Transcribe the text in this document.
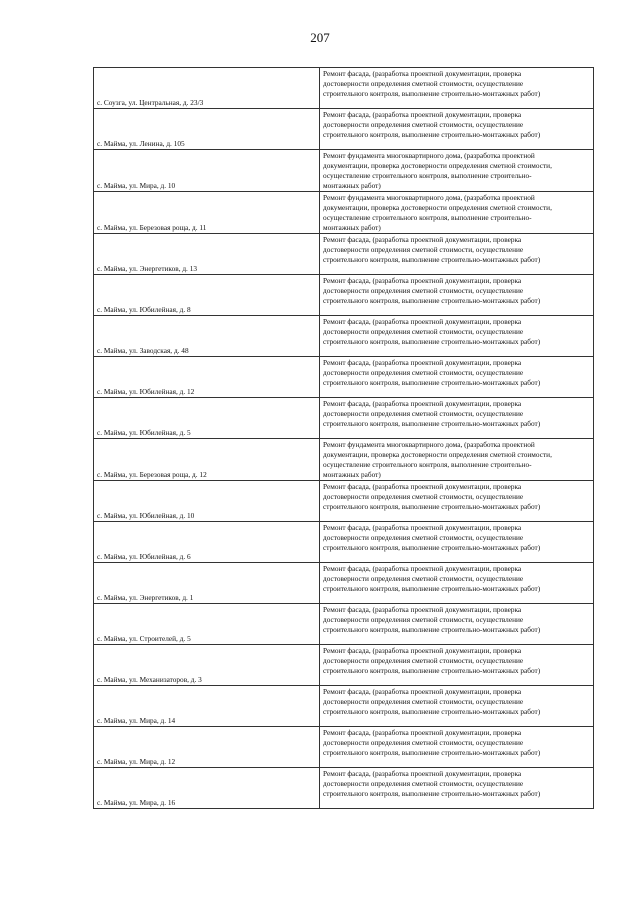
207
с. Соузга, ул. Центральная, д. 23/3	Ремонт фасада, (разработка проектной документации, проверка
достоверности определения сметной стоимости, осуществление
строительного контроля, выполнение строительно-монтажных работ)

с. Майма, ул. Ленина, д. 105	Ремонт фасада, (разработка проектной документации, проверка
достоверности определения сметной стоимости, осуществление
строительного контроля, выполнение строительно-монтажных работ)

с. Майма, ул. Мира, д. 10	Ремонт фундамента многоквартирного дома, (разработка проектной
документации, проверка достоверности определения сметной стоимости,
осуществление строительного контроля, выполнение строительно-
монтажных работ)

с. Майма, ул. Березовая роща, д. 11	Ремонт фундамента многоквартирного дома, (разработка проектной
документации, проверка достоверности определения сметной стоимости,
осуществление строительного контроля, выполнение строительно-
монтажных работ)

с. Майма, ул. Энергетиков, д. 13	Ремонт фасада, (разработка проектной документации, проверка
достоверности определения сметной стоимости, осуществление
строительного контроля, выполнение строительно-монтажных работ)

с. Майма, ул. Юбилейная, д. 8	Ремонт фасада, (разработка проектной документации, проверка
достоверности определения сметной стоимости, осуществление
строительного контроля, выполнение строительно-монтажных работ)

с. Майма, ул. Заводская, д. 48	Ремонт фасада, (разработка проектной документации, проверка
достоверности определения сметной стоимости, осуществление
строительного контроля, выполнение строительно-монтажных работ)

с. Майма, ул. Юбилейная, д. 12	Ремонт фасада, (разработка проектной документации, проверка
достоверности определения сметной стоимости, осуществление
строительного контроля, выполнение строительно-монтажных работ)

с. Майма, ул. Юбилейная, д. 5	Ремонт фасада, (разработка проектной документации, проверка
достоверности определения сметной стоимости, осуществление
строительного контроля, выполнение строительно-монтажных работ)

с. Майма, ул. Березовая роща, д. 12	Ремонт фундамента многоквартирного дома, (разработка проектной
документации, проверка достоверности определения сметной стоимости,
осуществление строительного контроля, выполнение строительно-
монтажных работ)

с. Майма, ул. Юбилейная, д. 10	Ремонт фасада, (разработка проектной документации, проверка
достоверности определения сметной стоимости, осуществление
строительного контроля, выполнение строительно-монтажных работ)

с. Майма, ул. Юбилейная, д. 6	Ремонт фасада, (разработка проектной документации, проверка
достоверности определения сметной стоимости, осуществление
строительного контроля, выполнение строительно-монтажных работ)

с. Майма, ул. Энергетиков, д. 1	Ремонт фасада, (разработка проектной документации, проверка
достоверности определения сметной стоимости, осуществление
строительного контроля, выполнение строительно-монтажных работ)

с. Майма, ул. Строителей, д. 5	Ремонт фасада, (разработка проектной документации, проверка
достоверности определения сметной стоимости, осуществление
строительного контроля, выполнение строительно-монтажных работ)

с. Майма, ул. Механизаторов, д. 3	Ремонт фасада, (разработка проектной документации, проверка
достоверности определения сметной стоимости, осуществление
строительного контроля, выполнение строительно-монтажных работ)

с. Майма, ул. Мира, д. 14	Ремонт фасада, (разработка проектной документации, проверка
достоверности определения сметной стоимости, осуществление
строительного контроля, выполнение строительно-монтажных работ)

с. Майма, ул. Мира, д. 12	Ремонт фасада, (разработка проектной документации, проверка
достоверности определения сметной стоимости, осуществление
строительного контроля, выполнение строительно-монтажных работ)

с. Майма, ул. Мира, д. 16	Ремонт фасада, (разработка проектной документации, проверка
достоверности определения сметной стоимости, осуществление
строительного контроля, выполнение строительно-монтажных работ)
